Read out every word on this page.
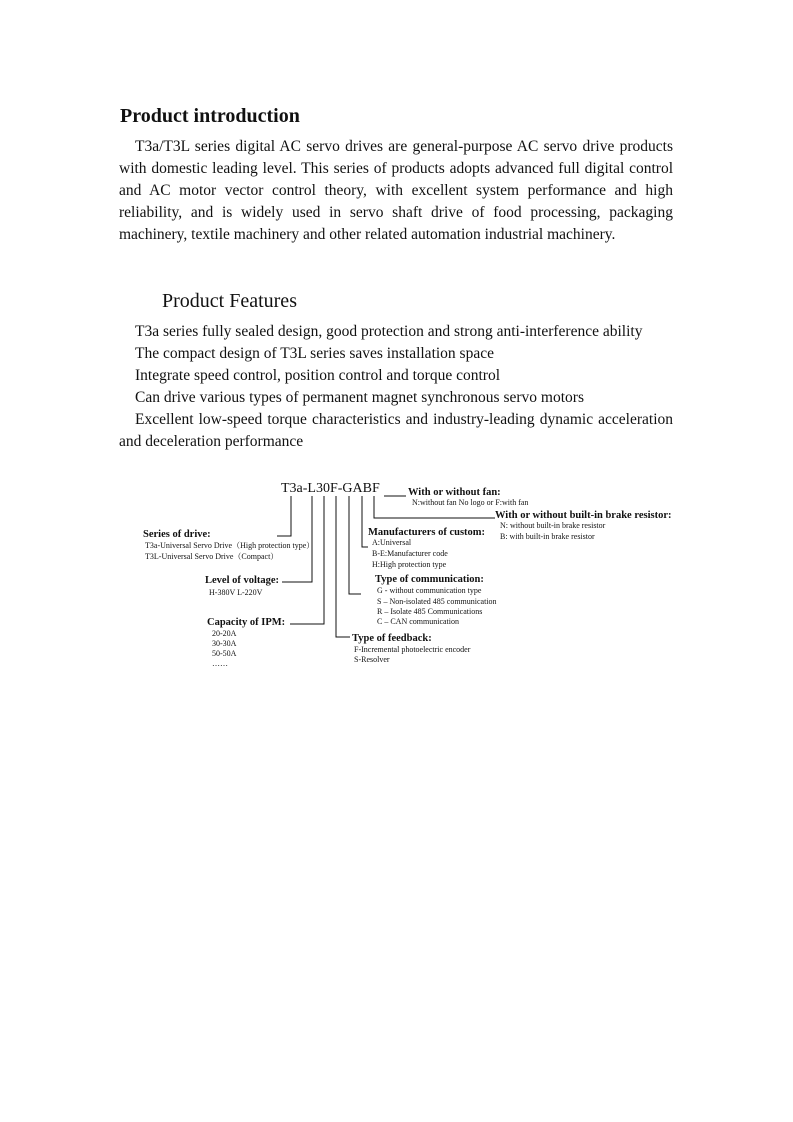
Product introduction

T3a/T3L series digital AC servo drives are general-purpose AC servo drive products with domestic leading level. This series of products adopts advanced full digital control and AC motor vector control theory, with excellent system performance and high reliability, and is widely used in servo shaft drive of food processing, packaging machinery, textile machinery and other related automation industrial machinery.

Product Features
T3a series fully sealed design, good protection and strong anti-interference ability
The compact design of T3L series saves installation space
Integrate speed control, position control and torque control
Can drive various types of permanent magnet synchronous servo motors
Excellent low-speed torque characteristics and industry-leading dynamic acceleration and deceleration performance
T3a-L30F-GABF	With or without fan:
N:without fan No logo or F:with fan
With or without built-in brake resistor:
N: without built-in brake resistor
B: with built-in brake resistor
Series of drive:
T3a-Universal Servo Drive（High protection type）
T3L-Universal Servo Drive（Compact）
Manufacturers of custom:
A:Universal
B-E:Manufacturer code
H:High protection type
Level of voltage:
H-380V L-220V
Type of communication:
G - without communication type
S – Non-isolated 485 communication
R – Isolate 485 Communications
C – CAN communication
Capacity of IPM:
20-20A
30-30A
50-50A
……
Type of feedback:
F-Incremental photoelectric encoder
S-Resolver
